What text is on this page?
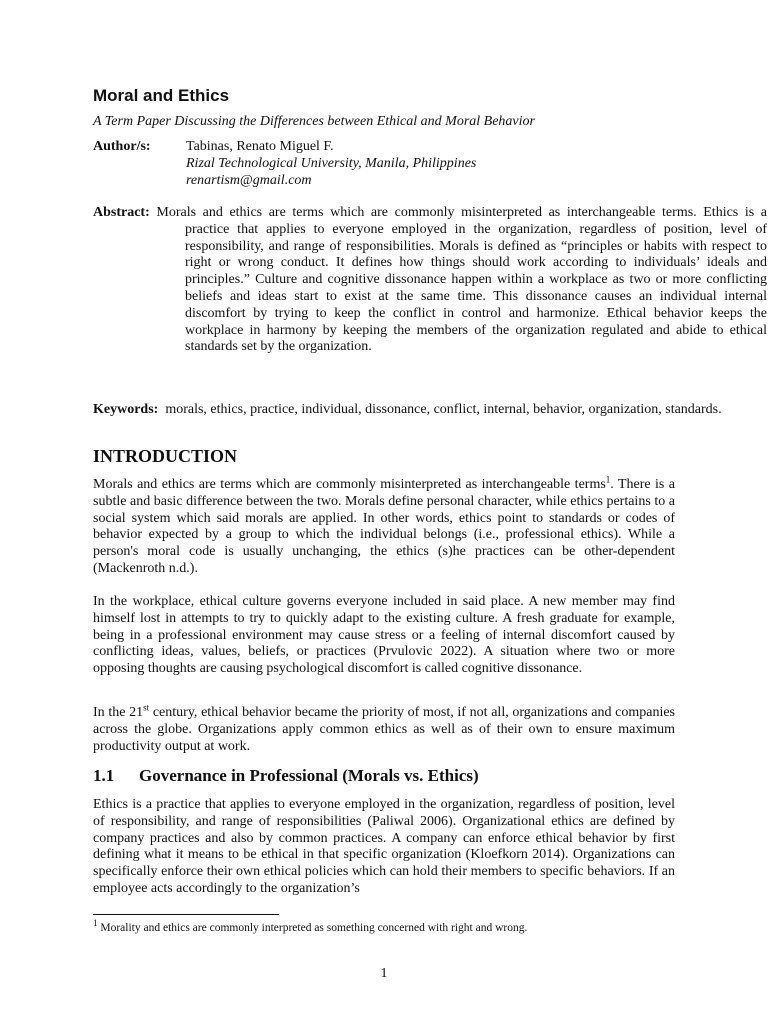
Moral and Ethics
A Term Paper Discussing the Differences between Ethical and Moral Behavior
Author/s:	Tabinas, Renato Miguel F.
Rizal Technological University, Manila, Philippines
renartism@gmail.com
Abstract: Morals and ethics are terms which are commonly misinterpreted as interchangeable terms. Ethics is a practice that applies to everyone employed in the organization, regardless of position, level of responsibility, and range of responsibilities. Morals is defined as “principles or habits with respect to right or wrong conduct. It defines how things should work according to individuals’ ideals and principles.” Culture and cognitive dissonance happen within a workplace as two or more conflicting beliefs and ideas start to exist at the same time. This dissonance causes an individual internal discomfort by trying to keep the conflict in control and harmonize. Ethical behavior keeps the workplace in harmony by keeping the members of the organization regulated and abide to ethical standards set by the organization.
Keywords: morals, ethics, practice, individual, dissonance, conflict, internal, behavior, organization, standards.
INTRODUCTION

Morals and ethics are terms which are commonly misinterpreted as interchangeable terms$^1$. There is a subtle and basic difference between the two. Morals define personal character, while ethics pertains to a social system which said morals are applied. In other words, ethics point to standards or codes of behavior expected by a group to which the individual belongs (i.e., professional ethics). While a person's moral code is usually unchanging, the ethics (s)he practices can be other-dependent (Mackenroth n.d.).

In the workplace, ethical culture governs everyone included in said place. A new member may find himself lost in attempts to try to quickly adapt to the existing culture. A fresh graduate for example, being in a professional environment may cause stress or a feeling of internal discomfort caused by conflicting ideas, values, beliefs, or practices (Prvulovic 2022). A situation where two or more opposing thoughts are causing psychological discomfort is called cognitive dissonance.

In the 21st century, ethical behavior became the priority of most, if not all, organizations and companies across the globe. Organizations apply common ethics as well as of their own to ensure maximum productivity output at work.

1.1 Governance in Professional (Morals vs. Ethics)

Ethics is a practice that applies to everyone employed in the organization, regardless of position, level of responsibility, and range of responsibilities (Paliwal 2006). Organizational ethics are defined by company practices and also by common practices. A company can enforce ethical behavior by first defining what it means to be ethical in that specific organization (Kloefkorn 2014). Organizations can specifically enforce their own ethical policies which can hold their members to specific behaviors. If an employee acts accordingly to the organization’s

$^1$ Morality and ethics are commonly interpreted as something concerned with right and wrong.
1
